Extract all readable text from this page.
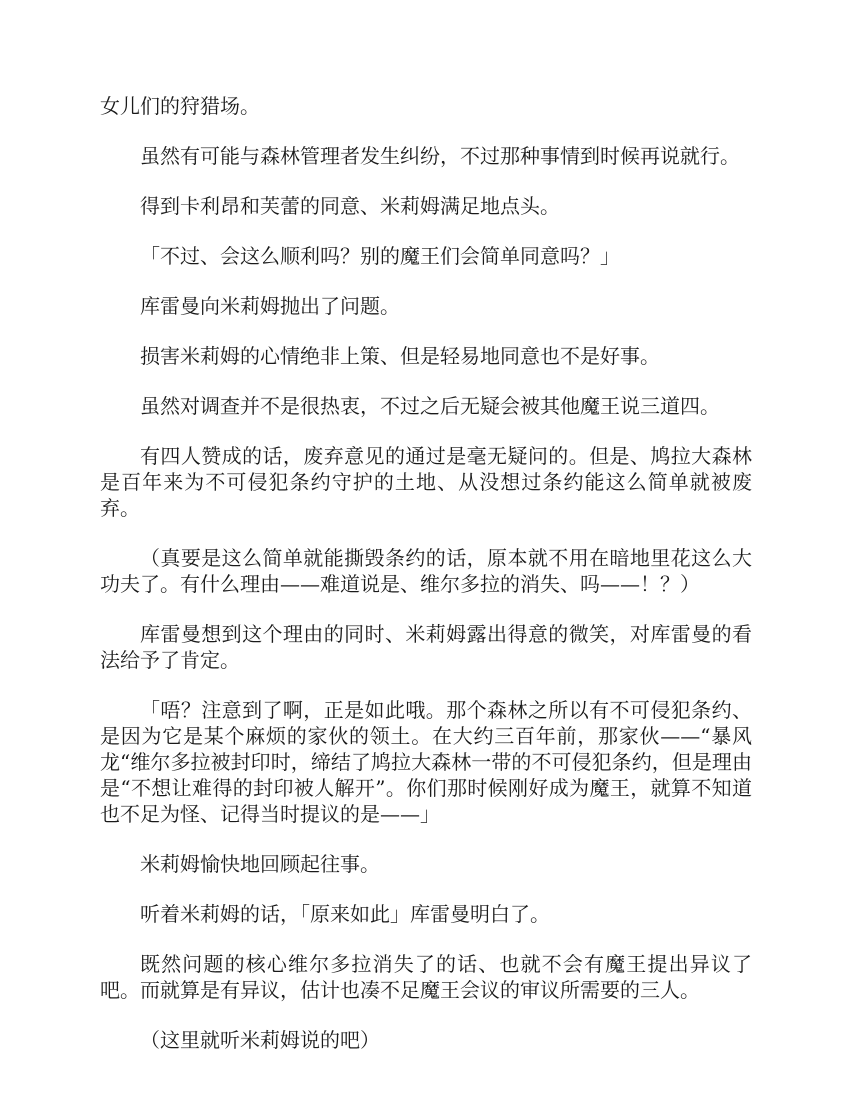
女儿们的狩猎场。

虽然有可能与森林管理者发生纠纷，不过那种事情到时候再说就行。

得到卡利昂和芙蕾的同意、米莉姆满足地点头。

「不过、会这么顺利吗？别的魔王们会简单同意吗？」

库雷曼向米莉姆抛出了问题。

损害米莉姆的心情绝非上策、但是轻易地同意也不是好事。

虽然对调查并不是很热衷，不过之后无疑会被其他魔王说三道四。

有四人赞成的话，废弃意见的通过是毫无疑问的。但是、鸠拉大森林是百年来为不可侵犯条约守护的土地、从没想过条约能这么简单就被废弃。

（真要是这么简单就能撕毁条约的话，原本就不用在暗地里花这么大功夫了。有什么理由——难道说是、维尔多拉的消失、吗——！？）

库雷曼想到这个理由的同时、米莉姆露出得意的微笑，对库雷曼的看法给予了肯定。

「唔？注意到了啊，正是如此哦。那个森林之所以有不可侵犯条约、是因为它是某个麻烦的家伙的领土。在大约三百年前，那家伙——“暴风龙“维尔多拉被封印时，缔结了鸠拉大森林一带的不可侵犯条约，但是理由是“不想让难得的封印被人解开”。你们那时候刚好成为魔王，就算不知道也不足为怪、记得当时提议的是——」

米莉姆愉快地回顾起往事。

听着米莉姆的话，「原来如此」库雷曼明白了。

既然问题的核心维尔多拉消失了的话、也就不会有魔王提出异议了吧。而就算是有异议，估计也凑不足魔王会议的审议所需要的三人。

（这里就听米莉姆说的吧）
